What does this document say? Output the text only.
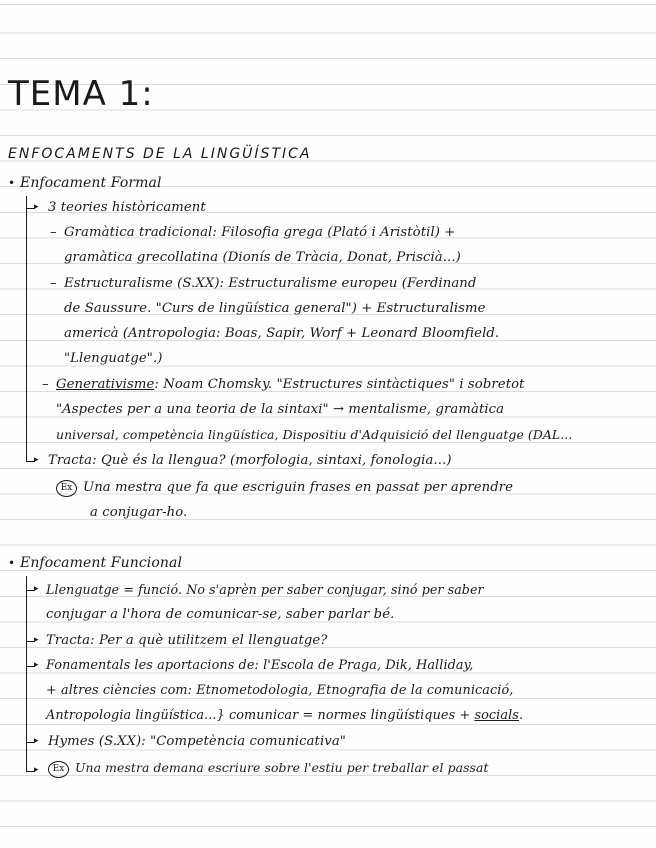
TEMA 1:
ENFOCAMENTS DE LA LINGÜÍSTICA
• Enfocament Formal
▸ 3 teories històricament
– Gramàtica tradicional: Filosofia grega (Plató i Aristòtil) +
gramàtica grecollatina (Dionís de Tràcia, Donat, Priscià...)
– Estructuralisme (S.XX): Estructuralisme europeu (Ferdinand
de Saussure. "Curs de lingüística general") + Estructuralisme
americà (Antropologia: Boas, Sapir, Worf + Leonard Bloomfield.
"Llenguatge".)
– Generativisme: Noam Chomsky. "Estructures sintàctiques" i sobretot
"Aspectes per a una teoria de la sintaxi" → mentalisme, gramàtica
universal, competència lingüística, Dispositiu d'Adquisició del llenguatge (DAL...
▸ Tracta: Què és la llengua? (morfologia, sintaxi, fonologia...)
Ex Una mestra que fa que escriguin frases en passat per aprendre
a conjugar-ho.
• Enfocament Funcional
▸ Llenguatge = funció. No s'aprèn per saber conjugar, sinó per saber
conjugar a l'hora de comunicar-se, saber parlar bé.
▸ Tracta: Per a què utilitzem el llenguatge?
▸ Fonamentals les aportacions de: l'Escola de Praga, Dik, Halliday,
+ altres ciències com: Etnometodologia, Etnografia de la comunicació,
Antropologia lingüística...} comunicar = normes lingüístiques + socials.
▸ Hymes (S.XX): "Competència comunicativa"
▸	Ex Una mestra demana escriure sobre l'estiu per treballar el passat
